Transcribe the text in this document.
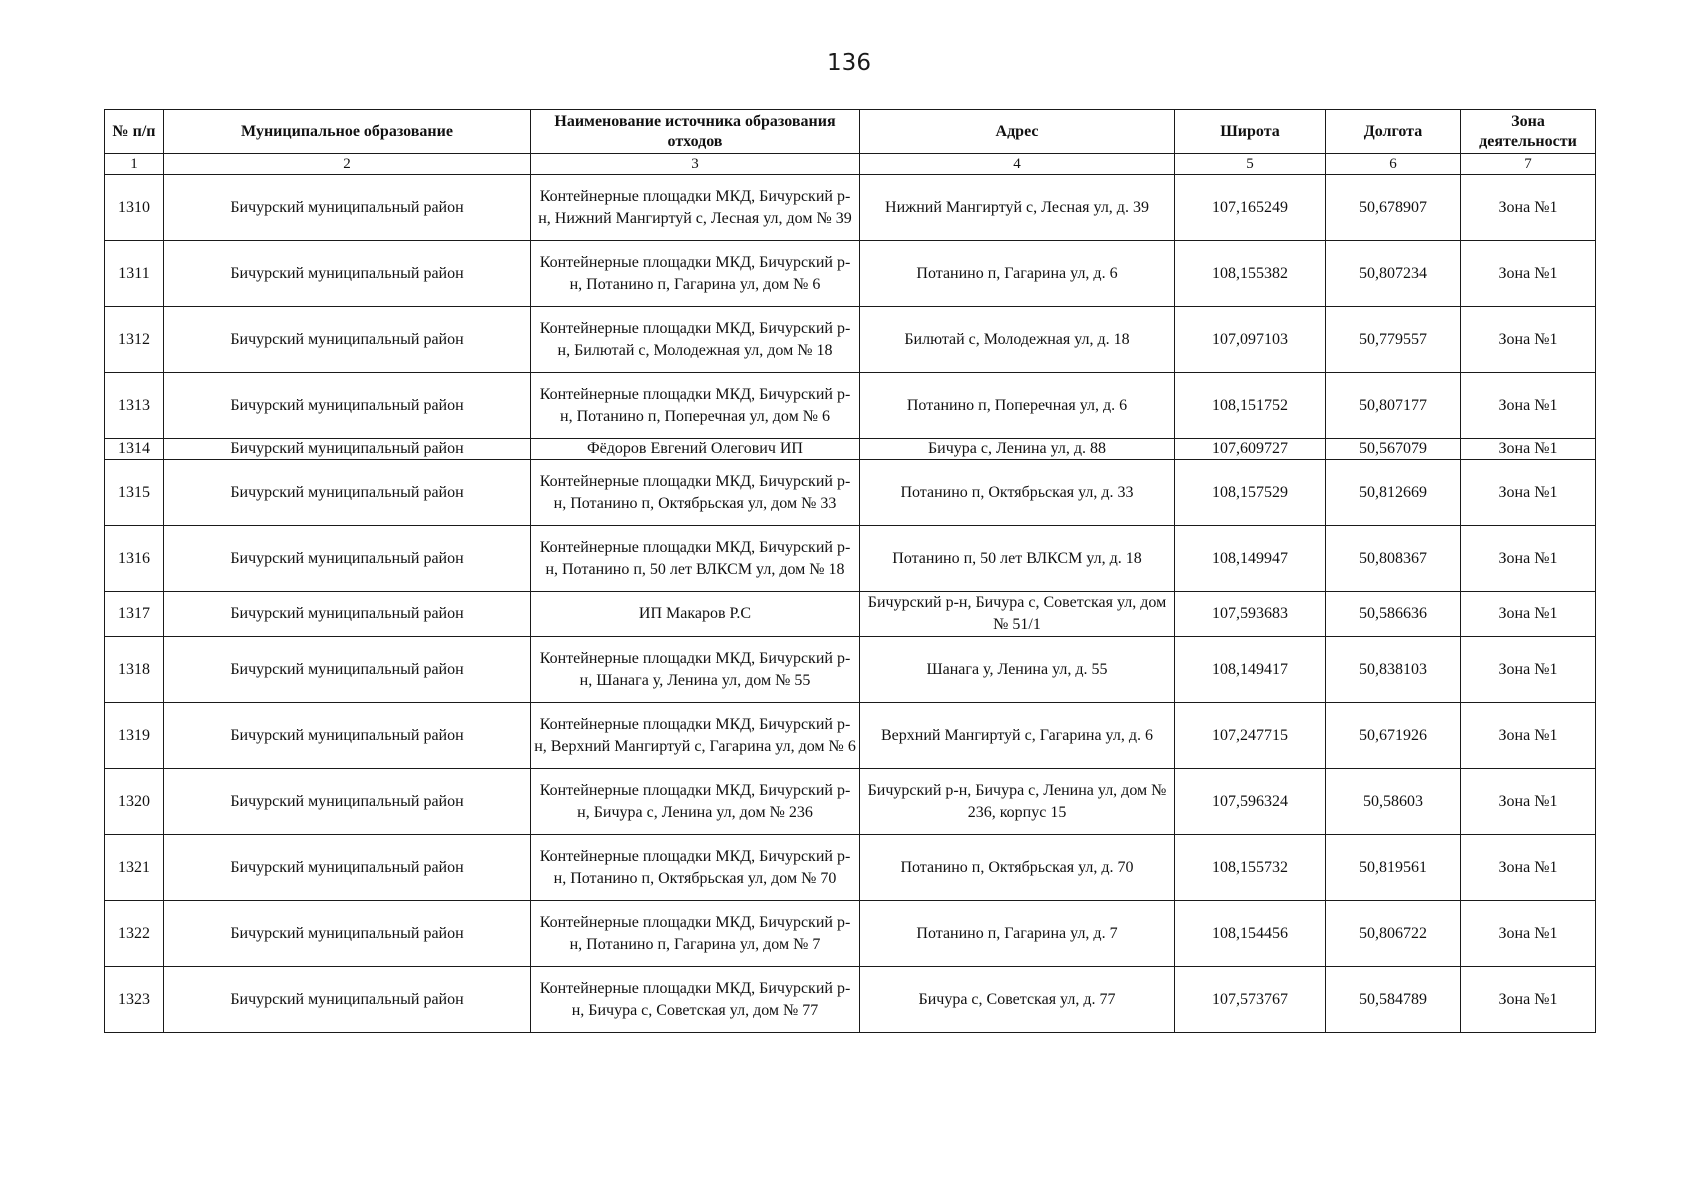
136
№ п/п	Муниципальное образование	Наименование источника образования отходов	Адрес	Широта	Долгота	Зона деятельности
1	2	3	4	5	6	7
1310	Бичурский муниципальный район	Контейнерные площадки МКД, Бичурский р-н, Нижний Мангиртуй с, Лесная ул, дом № 39	Нижний Мангиртуй с, Лесная ул, д. 39	107,165249	50,678907	Зона №1
1311	Бичурский муниципальный район	Контейнерные площадки МКД, Бичурский р-н, Потанино п, Гагарина ул, дом № 6	Потанино п, Гагарина ул, д. 6	108,155382	50,807234	Зона №1
1312	Бичурский муниципальный район	Контейнерные площадки МКД, Бичурский р-н, Билютай с, Молодежная ул, дом № 18	Билютай с, Молодежная ул, д. 18	107,097103	50,779557	Зона №1
1313	Бичурский муниципальный район	Контейнерные площадки МКД, Бичурский р-н, Потанино п, Поперечная ул, дом № 6	Потанино п, Поперечная ул, д. 6	108,151752	50,807177	Зона №1
1314	Бичурский муниципальный район	Фёдоров Евгений Олегович ИП	Бичура с, Ленина ул, д. 88	107,609727	50,567079	Зона №1
1315	Бичурский муниципальный район	Контейнерные площадки МКД, Бичурский р-н, Потанино п, Октябрьская ул, дом № 33	Потанино п, Октябрьская ул, д. 33	108,157529	50,812669	Зона №1
1316	Бичурский муниципальный район	Контейнерные площадки МКД, Бичурский р-н, Потанино п, 50 лет ВЛКСМ ул, дом № 18	Потанино п, 50 лет ВЛКСМ ул, д. 18	108,149947	50,808367	Зона №1
1317	Бичурский муниципальный район	ИП Макаров Р.С	Бичурский р-н, Бичура с, Советская ул, дом № 51/1	107,593683	50,586636	Зона №1
1318	Бичурский муниципальный район	Контейнерные площадки МКД, Бичурский р-н, Шанага у, Ленина ул, дом № 55	Шанага у, Ленина ул, д. 55	108,149417	50,838103	Зона №1
1319	Бичурский муниципальный район	Контейнерные площадки МКД, Бичурский р-н, Верхний Мангиртуй с, Гагарина ул, дом № 6	Верхний Мангиртуй с, Гагарина ул, д. 6	107,247715	50,671926	Зона №1
1320	Бичурский муниципальный район	Контейнерные площадки МКД, Бичурский р-н, Бичура с, Ленина ул, дом № 236	Бичурский р-н, Бичура с, Ленина ул, дом № 236, корпус 15	107,596324	50,58603	Зона №1
1321	Бичурский муниципальный район	Контейнерные площадки МКД, Бичурский р-н, Потанино п, Октябрьская ул, дом № 70	Потанино п, Октябрьская ул, д. 70	108,155732	50,819561	Зона №1
1322	Бичурский муниципальный район	Контейнерные площадки МКД, Бичурский р-н, Потанино п, Гагарина ул, дом № 7	Потанино п, Гагарина ул, д. 7	108,154456	50,806722	Зона №1
1323	Бичурский муниципальный район	Контейнерные площадки МКД, Бичурский р-н, Бичура с, Советская ул, дом № 77	Бичура с, Советская ул, д. 77	107,573767	50,584789	Зона №1
